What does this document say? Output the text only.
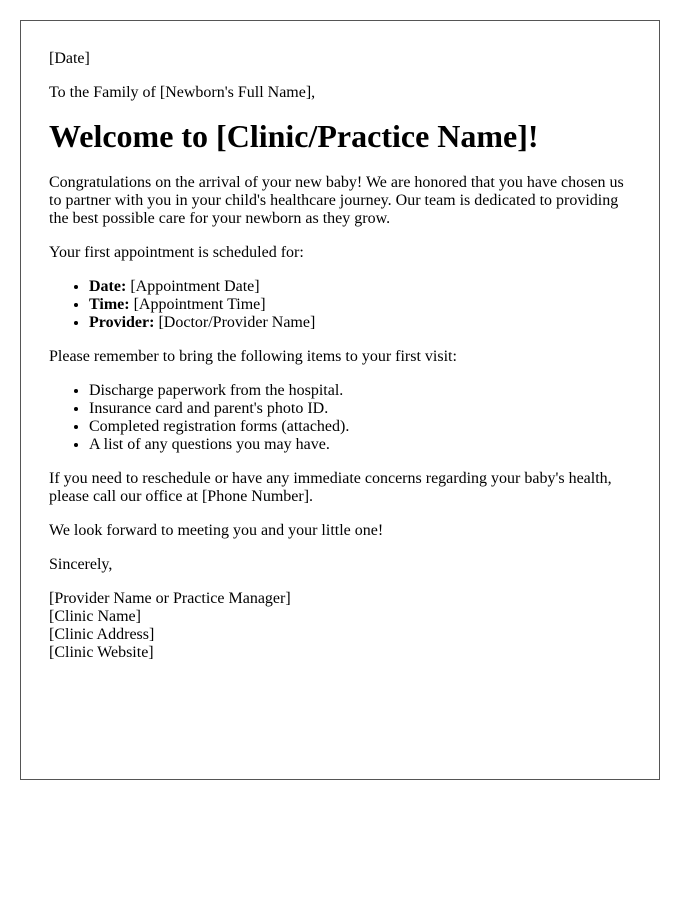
[Date]

To the Family of [Newborn's Full Name],

Welcome to [Clinic/Practice Name]!

Congratulations on the arrival of your new baby! We are honored that you have chosen us to partner with you in your child's healthcare journey. Our team is dedicated to providing the best possible care for your newborn as they grow.

Your first appointment is scheduled for:

• Date: [Appointment Date]
• Time: [Appointment Time]
• Provider: [Doctor/Provider Name]

Please remember to bring the following items to your first visit:

• Discharge paperwork from the hospital.
• Insurance card and parent's photo ID.
• Completed registration forms (attached).
• A list of any questions you may have.

If you need to reschedule or have any immediate concerns regarding your baby's health, please call our office at [Phone Number].

We look forward to meeting you and your little one!

Sincerely,

[Provider Name or Practice Manager]
[Clinic Name]
[Clinic Address]
[Clinic Website]
